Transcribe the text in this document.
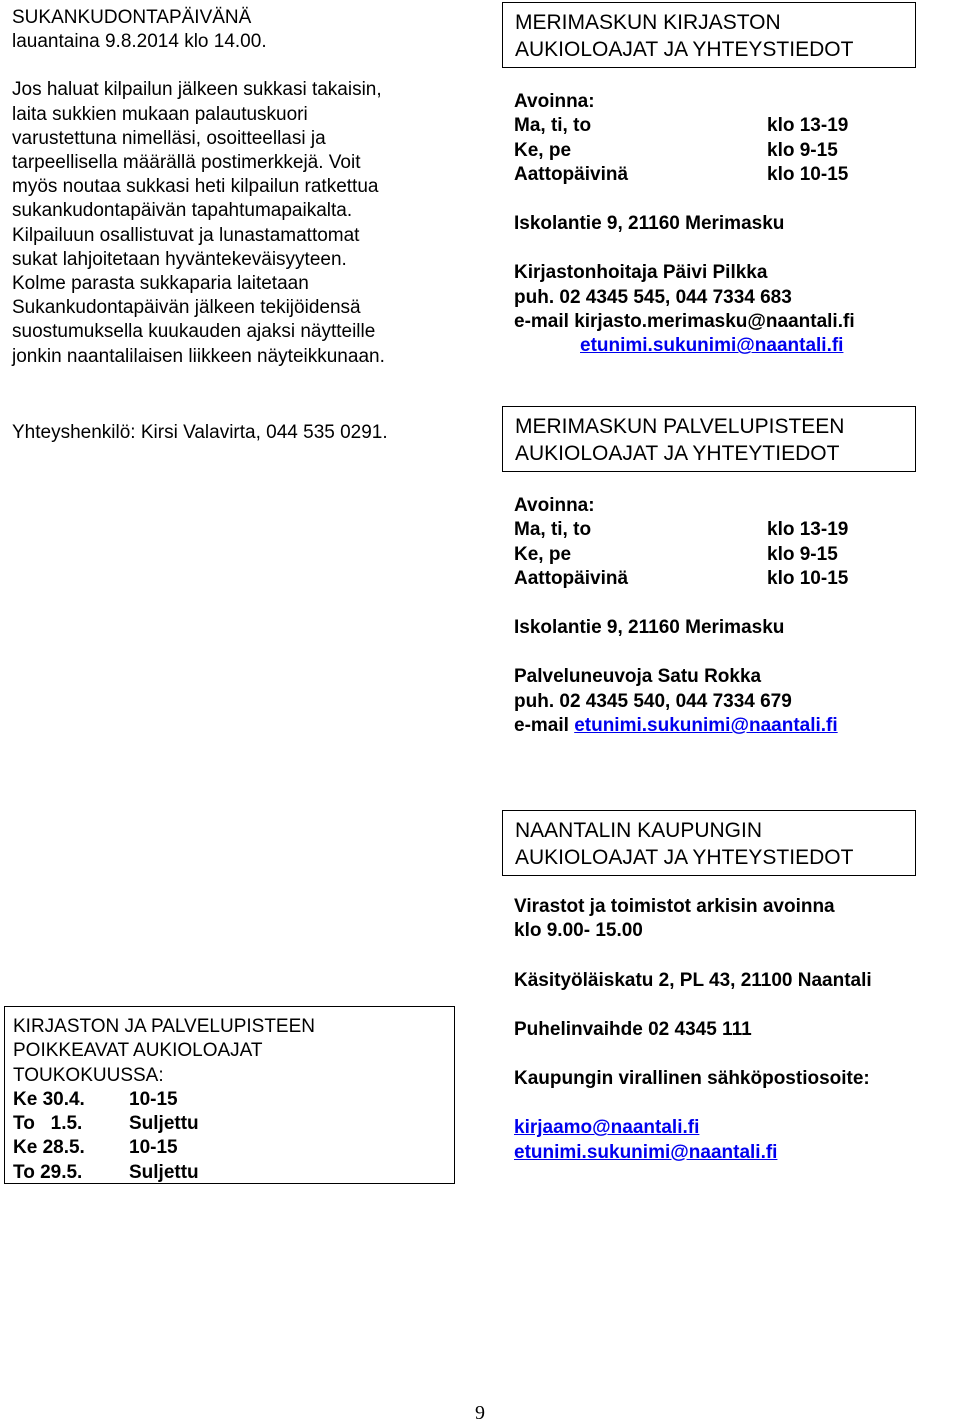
SUKANKUDONTAPÄIVÄNÄ
lauantaina 9.8.2014 klo 14.00.
Jos haluat kilpailun jälkeen sukkasi takaisin,
laita sukkien mukaan palautuskuori
varustettuna nimelläsi, osoitteellasi ja
tarpeellisella määrällä postimerkkejä. Voit
myös noutaa sukkasi heti kilpailun ratkettua
sukankudontapäivän tapahtumapaikalta.
Kilpailuun osallistuvat ja lunastamattomat
sukat lahjoitetaan hyväntekeväisyyteen.
Kolme parasta sukkaparia laitetaan
Sukankudontapäivän jälkeen tekijöidensä
suostumuksella kuukauden ajaksi näytteille
jonkin naantalilaisen liikkeen näyteikkunaan.
Yhteyshenkilö: Kirsi Valavirta, 044 535 0291.
MERIMASKUN KIRJASTON
AUKIOLOAJAT JA YHTEYSTIEDOT
Avoinna:
Ma, ti, to	klo 13-19
Ke, pe	klo 9-15
Aattopäivinä	klo 10-15
Iskolantie 9, 21160 Merimasku
Kirjastonhoitaja Päivi Pilkka
puh. 02 4345 545, 044 7334 683
e-mail kirjasto.merimasku@naantali.fi
etunimi.sukunimi@naantali.fi
MERIMASKUN PALVELUPISTEEN
AUKIOLOAJAT JA YHTEYTIEDOT
Avoinna:
Ma, ti, to	klo 13-19
Ke, pe	klo 9-15
Aattopäivinä	klo 10-15
Iskolantie 9, 21160 Merimasku
Palveluneuvoja Satu Rokka
puh. 02 4345 540, 044 7334 679
e-mail etunimi.sukunimi@naantali.fi
NAANTALIN KAUPUNGIN
AUKIOLOAJAT JA YHTEYSTIEDOT
Virastot ja toimistot arkisin avoinna
klo 9.00- 15.00
Käsityöläiskatu 2, PL 43, 21100 Naantali
Puhelinvaihde 02 4345 111
Kaupungin virallinen sähköpostiosoite:
kirjaamo@naantali.fi
etunimi.sukunimi@naantali.fi
KIRJASTON JA PALVELUPISTEEN
POIKKEAVAT AUKIOLOAJAT
TOUKOKUUSSA:
Ke 30.4.	10-15
To   1.5.	Suljettu
Ke 28.5.	10-15
To 29.5.	Suljettu
9
